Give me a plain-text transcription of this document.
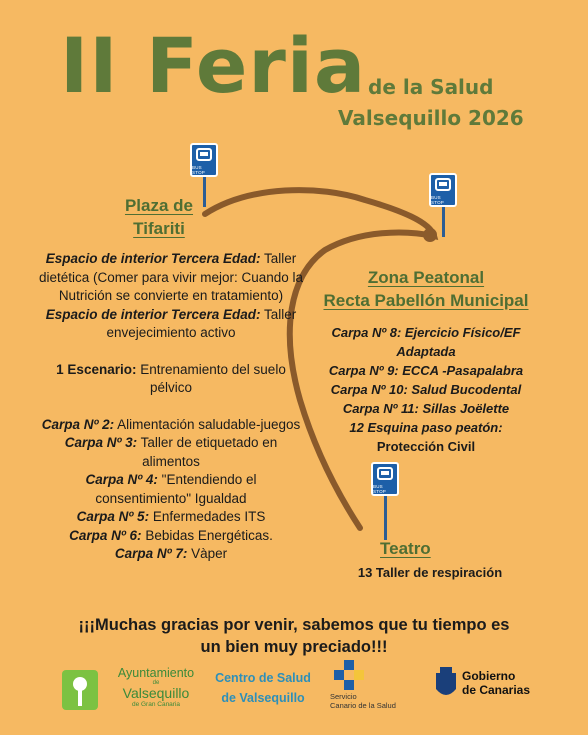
II Feria de la Salud
Valsequillo 2026
BUS STOP
BUS STOP
BUS STOP
Plaza de
Tifariti
Espacio de interior Tercera Edad: Taller dietética (Comer para vivir mejor: Cuando la Nutrición se convierte en tratamiento)
Espacio de interior Tercera Edad: Taller envejecimiento activo
1 Escenario: Entrenamiento del suelo pélvico
Carpa Nº 2: Alimentación saludable-juegos
Carpa Nº 3: Taller de etiquetado en alimentos
Carpa Nº 4: "Entendiendo el consentimiento" Igualdad
Carpa Nº 5: Enfermedades ITS
Carpa Nº 6: Bebidas Energéticas.
Carpa Nº 7: Vàper
Zona Peatonal
Recta Pabellón Municipal
Carpa Nº 8: Ejercicio Físico/EF Adaptada
Carpa Nº 9: ECCA -Pasapalabra
Carpa Nº 10: Salud Bucodental
Carpa Nº 11: Sillas Joëlette
12 Esquina paso peatón:
Protección Civil
Teatro
13 Taller de respiración
¡¡¡Muchas gracias por venir, sabemos que tu tiempo es
un bien muy preciado!!!
Ayuntamiento
de
Valsequillo
de Gran Canaria
Centro de Salud
de Valsequillo	Servicio
Canario de la Salud
Gobierno
de Canarias
